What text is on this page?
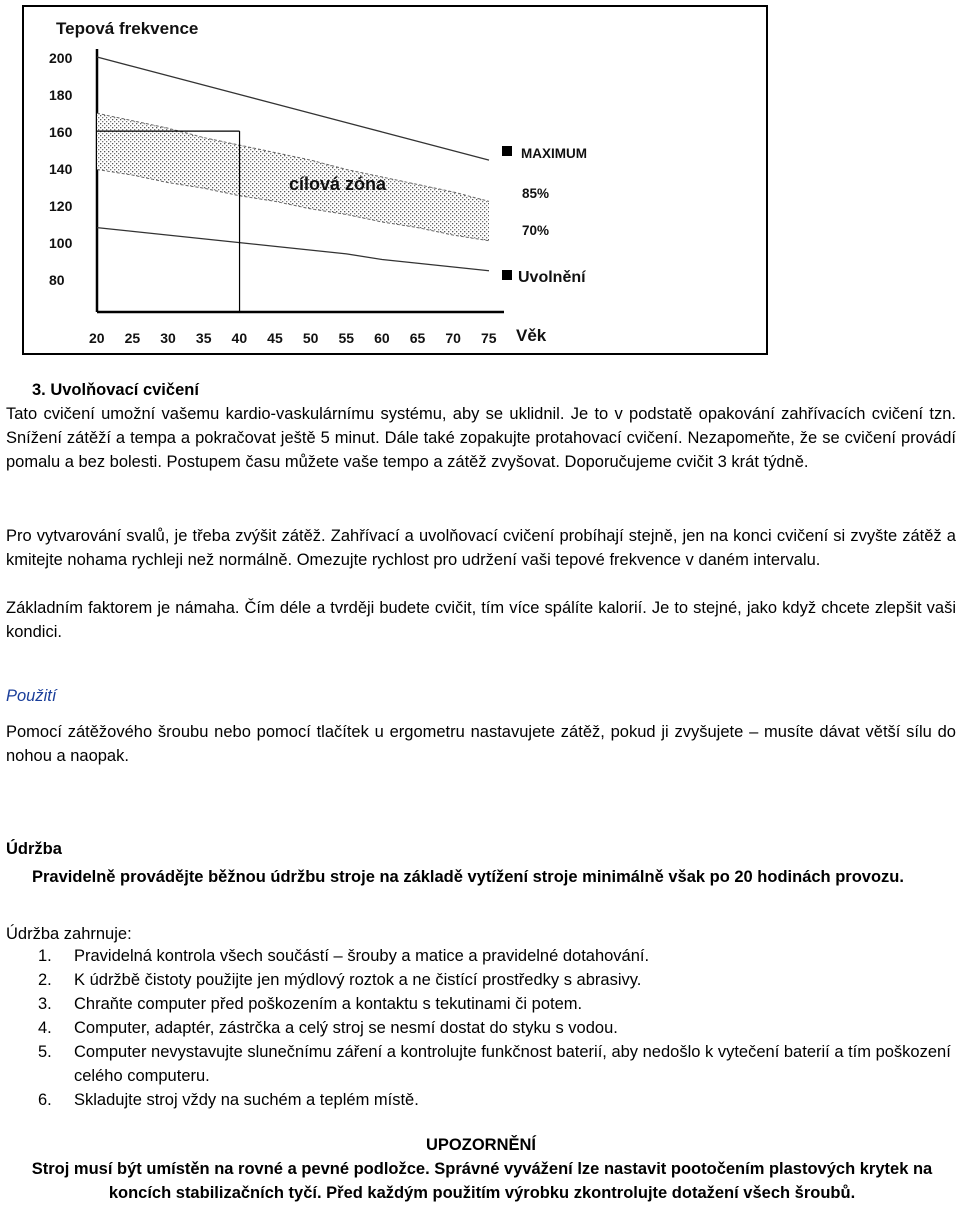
200
180
160
140
120
100
80
20 25 30 35 40 45 50 55 60 65 70 75
Tepová frekvence
Věk
cílová zóna
MAXIMUM
85%
70%
Uvolnění

3. Uvolňovací cvičení

Tato cvičení umožní vašemu kardio-vaskulárnímu systému, aby se uklidnil. Je to v podstatě opakování zahřívacích cvičení tzn. Snížení zátěží a tempa a pokračovat ještě 5 minut. Dále také zopakujte protahovací cvičení. Nezapomeňte, že se cvičení provádí pomalu a bez bolesti. Postupem času můžete vaše tempo a zátěž zvyšovat. Doporučujeme cvičit 3 krát týdně.

Pro vytvarování svalů, je třeba zvýšit zátěž. Zahřívací a uvolňovací cvičení probíhají stejně, jen na konci cvičení si zvyšte zátěž a kmitejte nohama rychleji než normálně. Omezujte rychlost pro udržení vaši tepové frekvence v daném intervalu.

Základním faktorem je námaha. Čím déle a tvrději budete cvičit, tím více spálíte kalorií. Je to stejné, jako když chcete zlepšit vaši kondici.

Použití

Pomocí zátěžového šroubu nebo pomocí tlačítek u ergometru nastavujete zátěž, pokud ji zvyšujete – musíte dávat větší sílu do nohou a naopak.

Údržba

Pravidelně provádějte běžnou údržbu stroje na základě vytížení stroje minimálně však po 20 hodinách provozu.

Údržba zahrnuje:

1. Pravidelná kontrola všech součástí – šrouby a matice a pravidelné dotahování.
2. K údržbě čistoty použijte jen mýdlový roztok a ne čistící prostředky s abrasivy.
3. Chraňte computer před poškozením a kontaktu s tekutinami či potem.
4. Computer, adaptér, zástrčka a celý stroj se nesmí dostat do styku s vodou.
5. Computer nevystavujte slunečnímu záření a kontrolujte funkčnost baterií, aby nedošlo k vytečení baterií a tím poškození celého computeru.
6. Skladujte stroj vždy na suchém a teplém místě.

UPOZORNĚNÍ

Stroj musí být umístěn na rovné a pevné podložce. Správné vyvážení lze nastavit pootočením plastových krytek na koncích stabilizačních tyčí. Před každým použitím výrobku zkontrolujte dotažení všech šroubů.
